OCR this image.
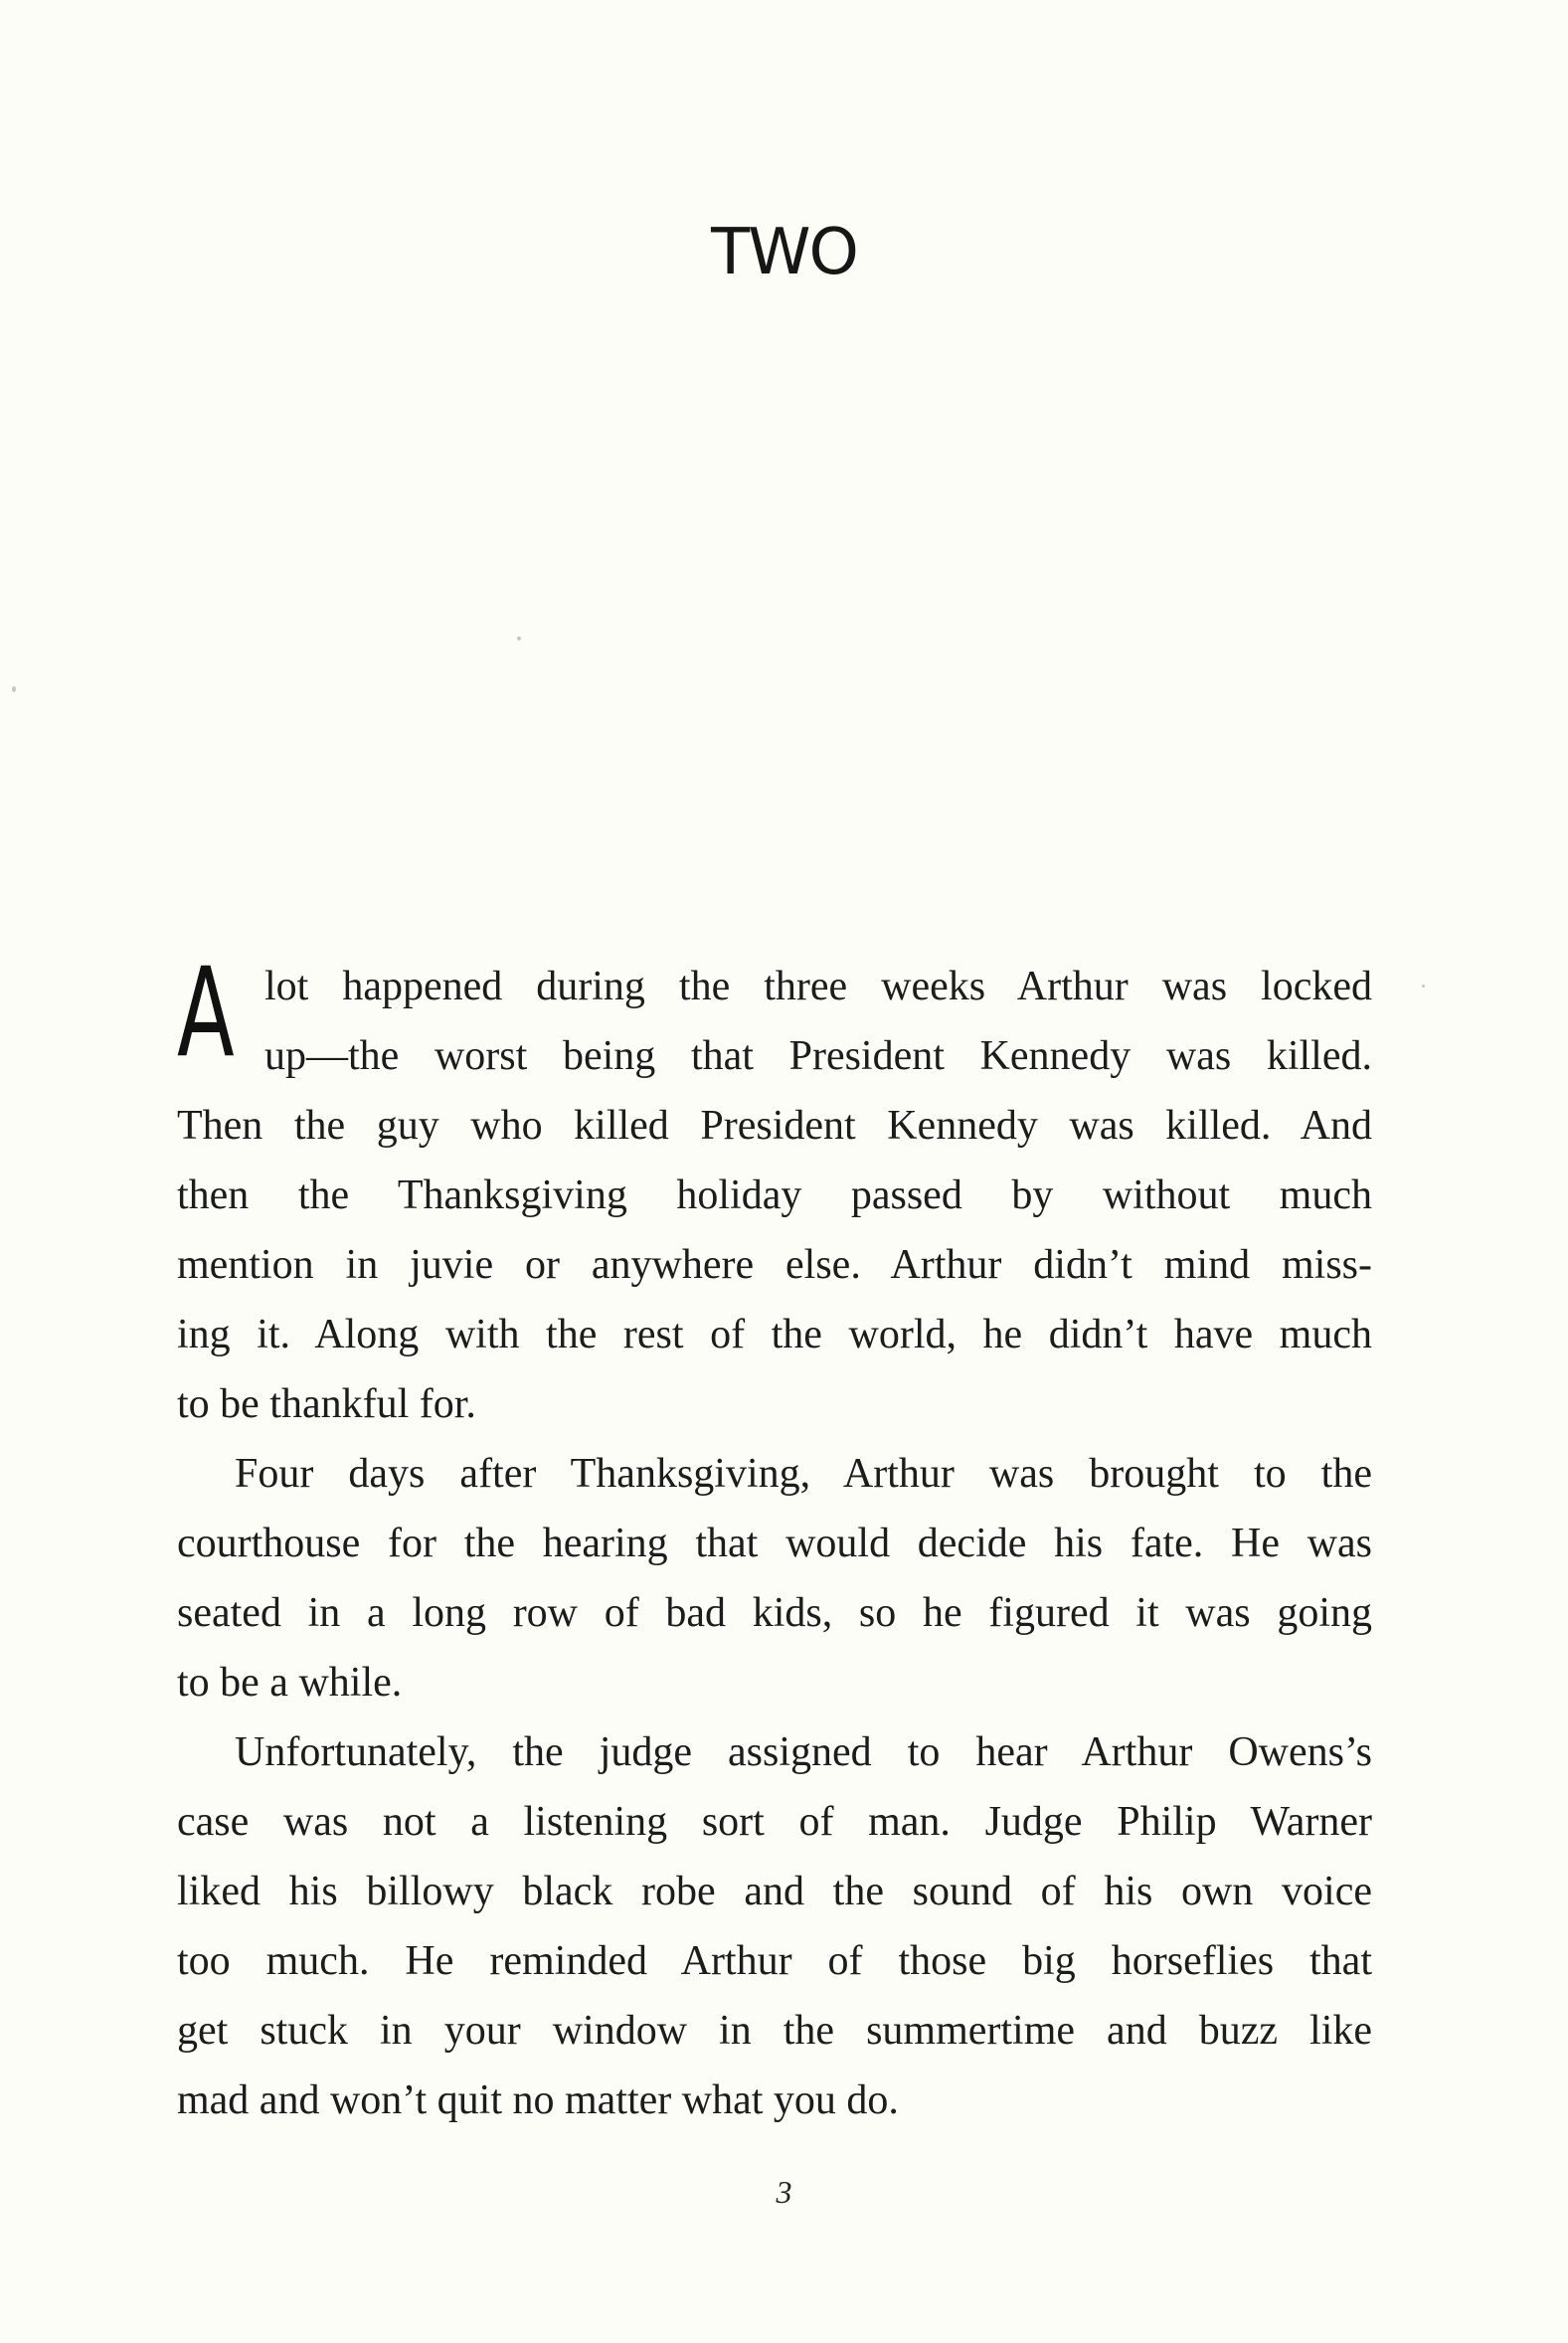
TWO
A lot happened during the three weeks Arthur was locked
up—the worst being that President Kennedy was killed.
Then the guy who killed President Kennedy was killed. And
then the Thanksgiving holiday passed by without much
mention in juvie or anywhere else. Arthur didn’t mind miss-
ing it. Along with the rest of the world, he didn’t have much
to be thankful for.
Four days after Thanksgiving, Arthur was brought to the
courthouse for the hearing that would decide his fate. He was
seated in a long row of bad kids, so he figured it was going
to be a while.
Unfortunately, the judge assigned to hear Arthur Owens’s
case was not a listening sort of man. Judge Philip Warner
liked his billowy black robe and the sound of his own voice
too much. He reminded Arthur of those big horseflies that
get stuck in your window in the summertime and buzz like
mad and won’t quit no matter what you do.
3
